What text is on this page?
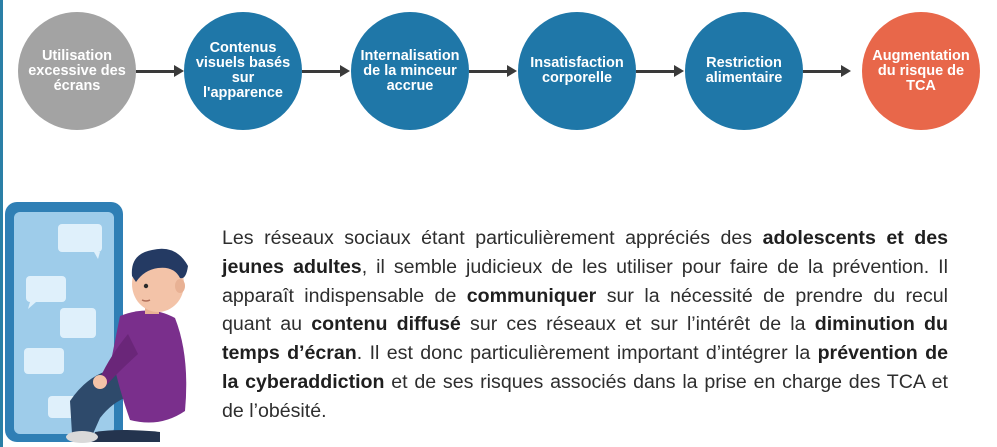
Utilisation excessive des écrans
Contenus visuels basés sur l'apparence
Internalisation de la minceur accrue
Insatisfaction corporelle
Restriction alimentaire
Augmentation du risque de TCA
Les réseaux sociaux étant particulièrement appréciés des adolescents et des jeunes adultes, il semble judicieux de les utiliser pour faire de la prévention. Il apparaît indispensable de communiquer sur la nécessité de prendre du recul quant au contenu diffusé sur ces réseaux et sur l’intérêt de la diminution du temps d’écran. Il est donc particulièrement important d’intégrer la prévention de la cyberaddiction et de ses risques associés dans la prise en charge des TCA et de l’obésité.
